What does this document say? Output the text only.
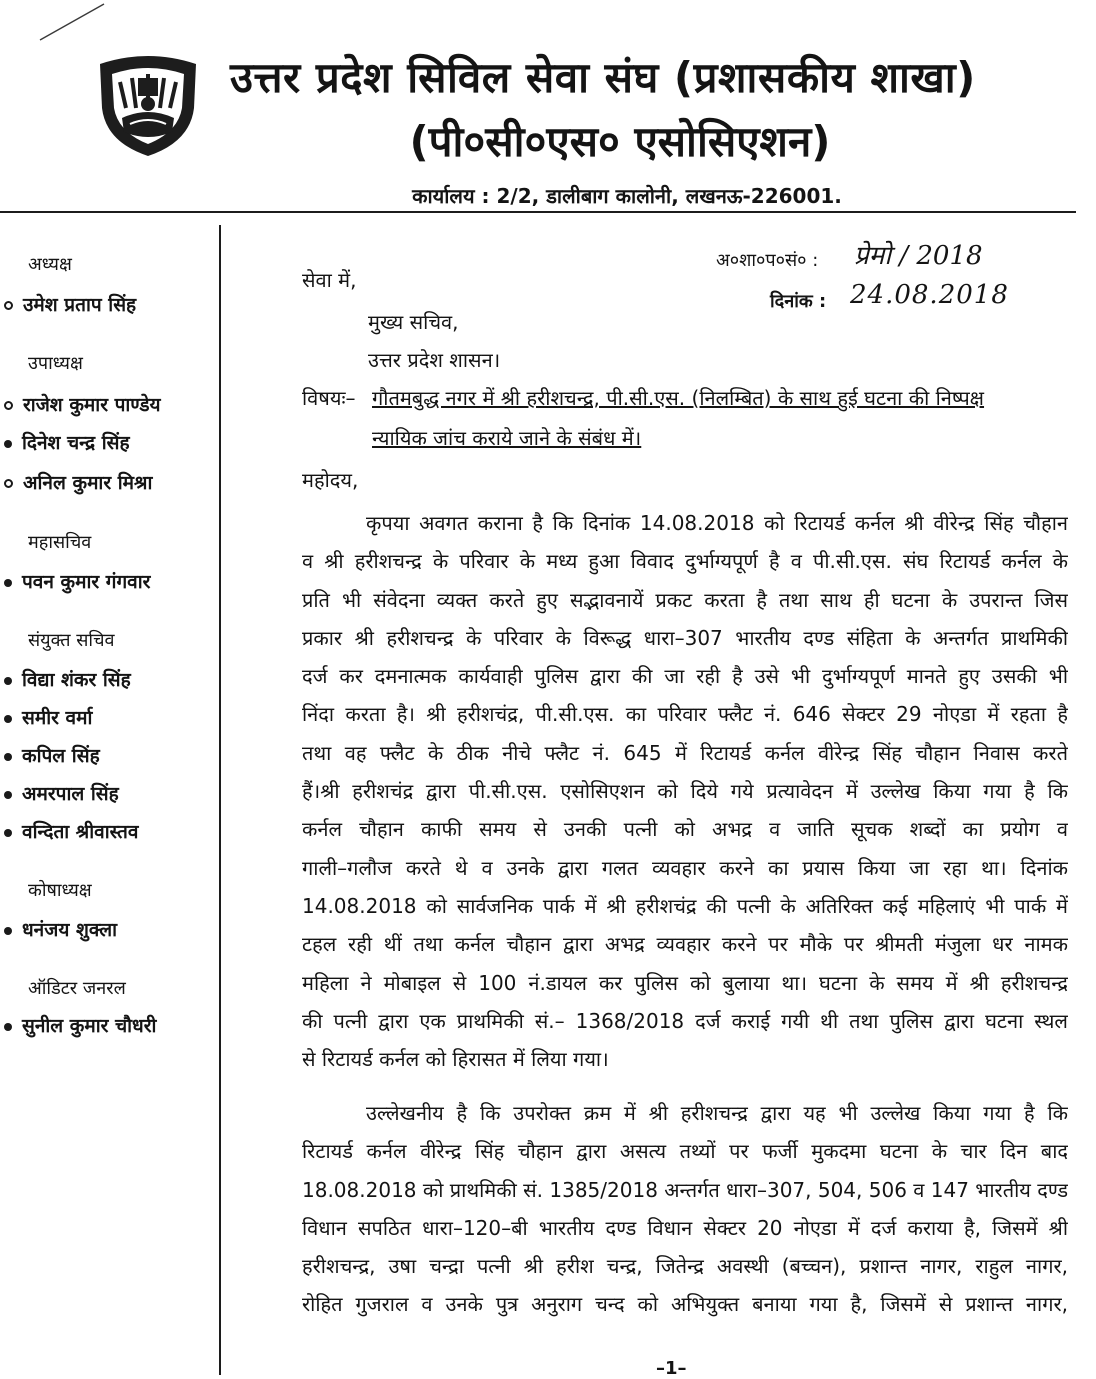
उत्तर प्रदेश सिविल सेवा संघ (प्रशासकीय शाखा)
(पी०सी०एस० एसोसिएशन)
कार्यालय : 2/2, डालीबाग कालोनी, लखनऊ-226001.
अध्यक्ष
उमेश प्रताप सिंह
उपाध्यक्ष
राजेश कुमार पाण्डेय
दिनेश चन्द्र सिंह
अनिल कुमार मिश्रा
महासचिव
पवन कुमार गंगवार
संयुक्त सचिव
विद्या शंकर सिंह
समीर वर्मा
कपिल सिंह
अमरपाल सिंह
वन्दिता श्रीवास्तव
कोषाध्यक्ष
धनंजय शुक्ला
ऑडिटर जनरल
सुनील कुमार चौधरी
अ०शा०प०सं० : प्रेमो / 2018
दिनांक : 24.08.2018
सेवा में,
मुख्य सचिव,
उत्तर प्रदेश शासन।
विषयः– गौतमबुद्ध नगर में श्री हरीशचन्द्र, पी.सी.एस. (निलम्बित) के साथ हुई घटना की निष्पक्ष
न्यायिक जांच कराये जाने के संबंध में।
महोदय,
कृपया अवगत कराना है कि दिनांक 14.08.2018 को रिटायर्ड कर्नल श्री वीरेन्द्र सिंह चौहान
व श्री हरीशचन्द्र के परिवार के मध्य हुआ विवाद दुर्भाग्यपूर्ण है व पी.सी.एस. संघ रिटायर्ड कर्नल के
प्रति भी संवेदना व्यक्त करते हुए सद्भावनायें प्रकट करता है तथा साथ ही घटना के उपरान्त जिस
प्रकार श्री हरीशचन्द्र के परिवार के विरूद्ध धारा–307 भारतीय दण्ड संहिता के अन्तर्गत प्राथमिकी
दर्ज कर दमनात्मक कार्यवाही पुलिस द्वारा की जा रही है उसे भी दुर्भाग्यपूर्ण मानते हुए उसकी भी
निंदा करता है। श्री हरीशचंद्र, पी.सी.एस. का परिवार फ्लैट नं. 646 सेक्टर 29 नोएडा में रहता है
तथा वह फ्लैट के ठीक नीचे फ्लैट नं. 645 में रिटायर्ड कर्नल वीरेन्द्र सिंह चौहान निवास करते
हैं।श्री हरीशचंद्र द्वारा पी.सी.एस. एसोसिएशन को दिये गये प्रत्यावेदन में उल्लेख किया गया है कि
कर्नल चौहान काफी समय से उनकी पत्नी को अभद्र व जाति सूचक शब्दों का प्रयोग व
गाली–गलौज करते थे व उनके द्वारा गलत व्यवहार करने का प्रयास किया जा रहा था। दिनांक
14.08.2018 को सार्वजनिक पार्क में श्री हरीशचंद्र की पत्नी के अतिरिक्त कई महिलाएं भी पार्क में
टहल रही थीं तथा कर्नल चौहान द्वारा अभद्र व्यवहार करने पर मौके पर श्रीमती मंजुला धर नामक
महिला ने मोबाइल से 100 नं.डायल कर पुलिस को बुलाया था। घटना के समय में श्री हरीशचन्द्र
की पत्नी द्वारा एक प्राथमिकी सं.– 1368/2018 दर्ज कराई गयी थी तथा पुलिस द्वारा घटना स्थल
से रिटायर्ड कर्नल को हिरासत में लिया गया।
उल्लेखनीय है कि उपरोक्त क्रम में श्री हरीशचन्द्र द्वारा यह भी उल्लेख किया गया है कि
रिटायर्ड कर्नल वीरेन्द्र सिंह चौहान द्वारा असत्य तथ्यों पर फर्जी मुकदमा घटना के चार दिन बाद
18.08.2018 को प्राथमिकी सं. 1385/2018 अन्तर्गत धारा–307, 504, 506 व 147 भारतीय दण्ड
विधान सपठित धारा–120–बी भारतीय दण्ड विधान सेक्टर 20 नोएडा में दर्ज कराया है, जिसमें श्री
हरीशचन्द्र, उषा चन्द्रा पत्नी श्री हरीश चन्द्र, जितेन्द्र अवस्थी (बच्चन), प्रशान्त नागर, राहुल नागर,
रोहित गुजराल व उनके पुत्र अनुराग चन्द को अभियुक्त बनाया गया है, जिसमें से प्रशान्त नागर,
–1–
